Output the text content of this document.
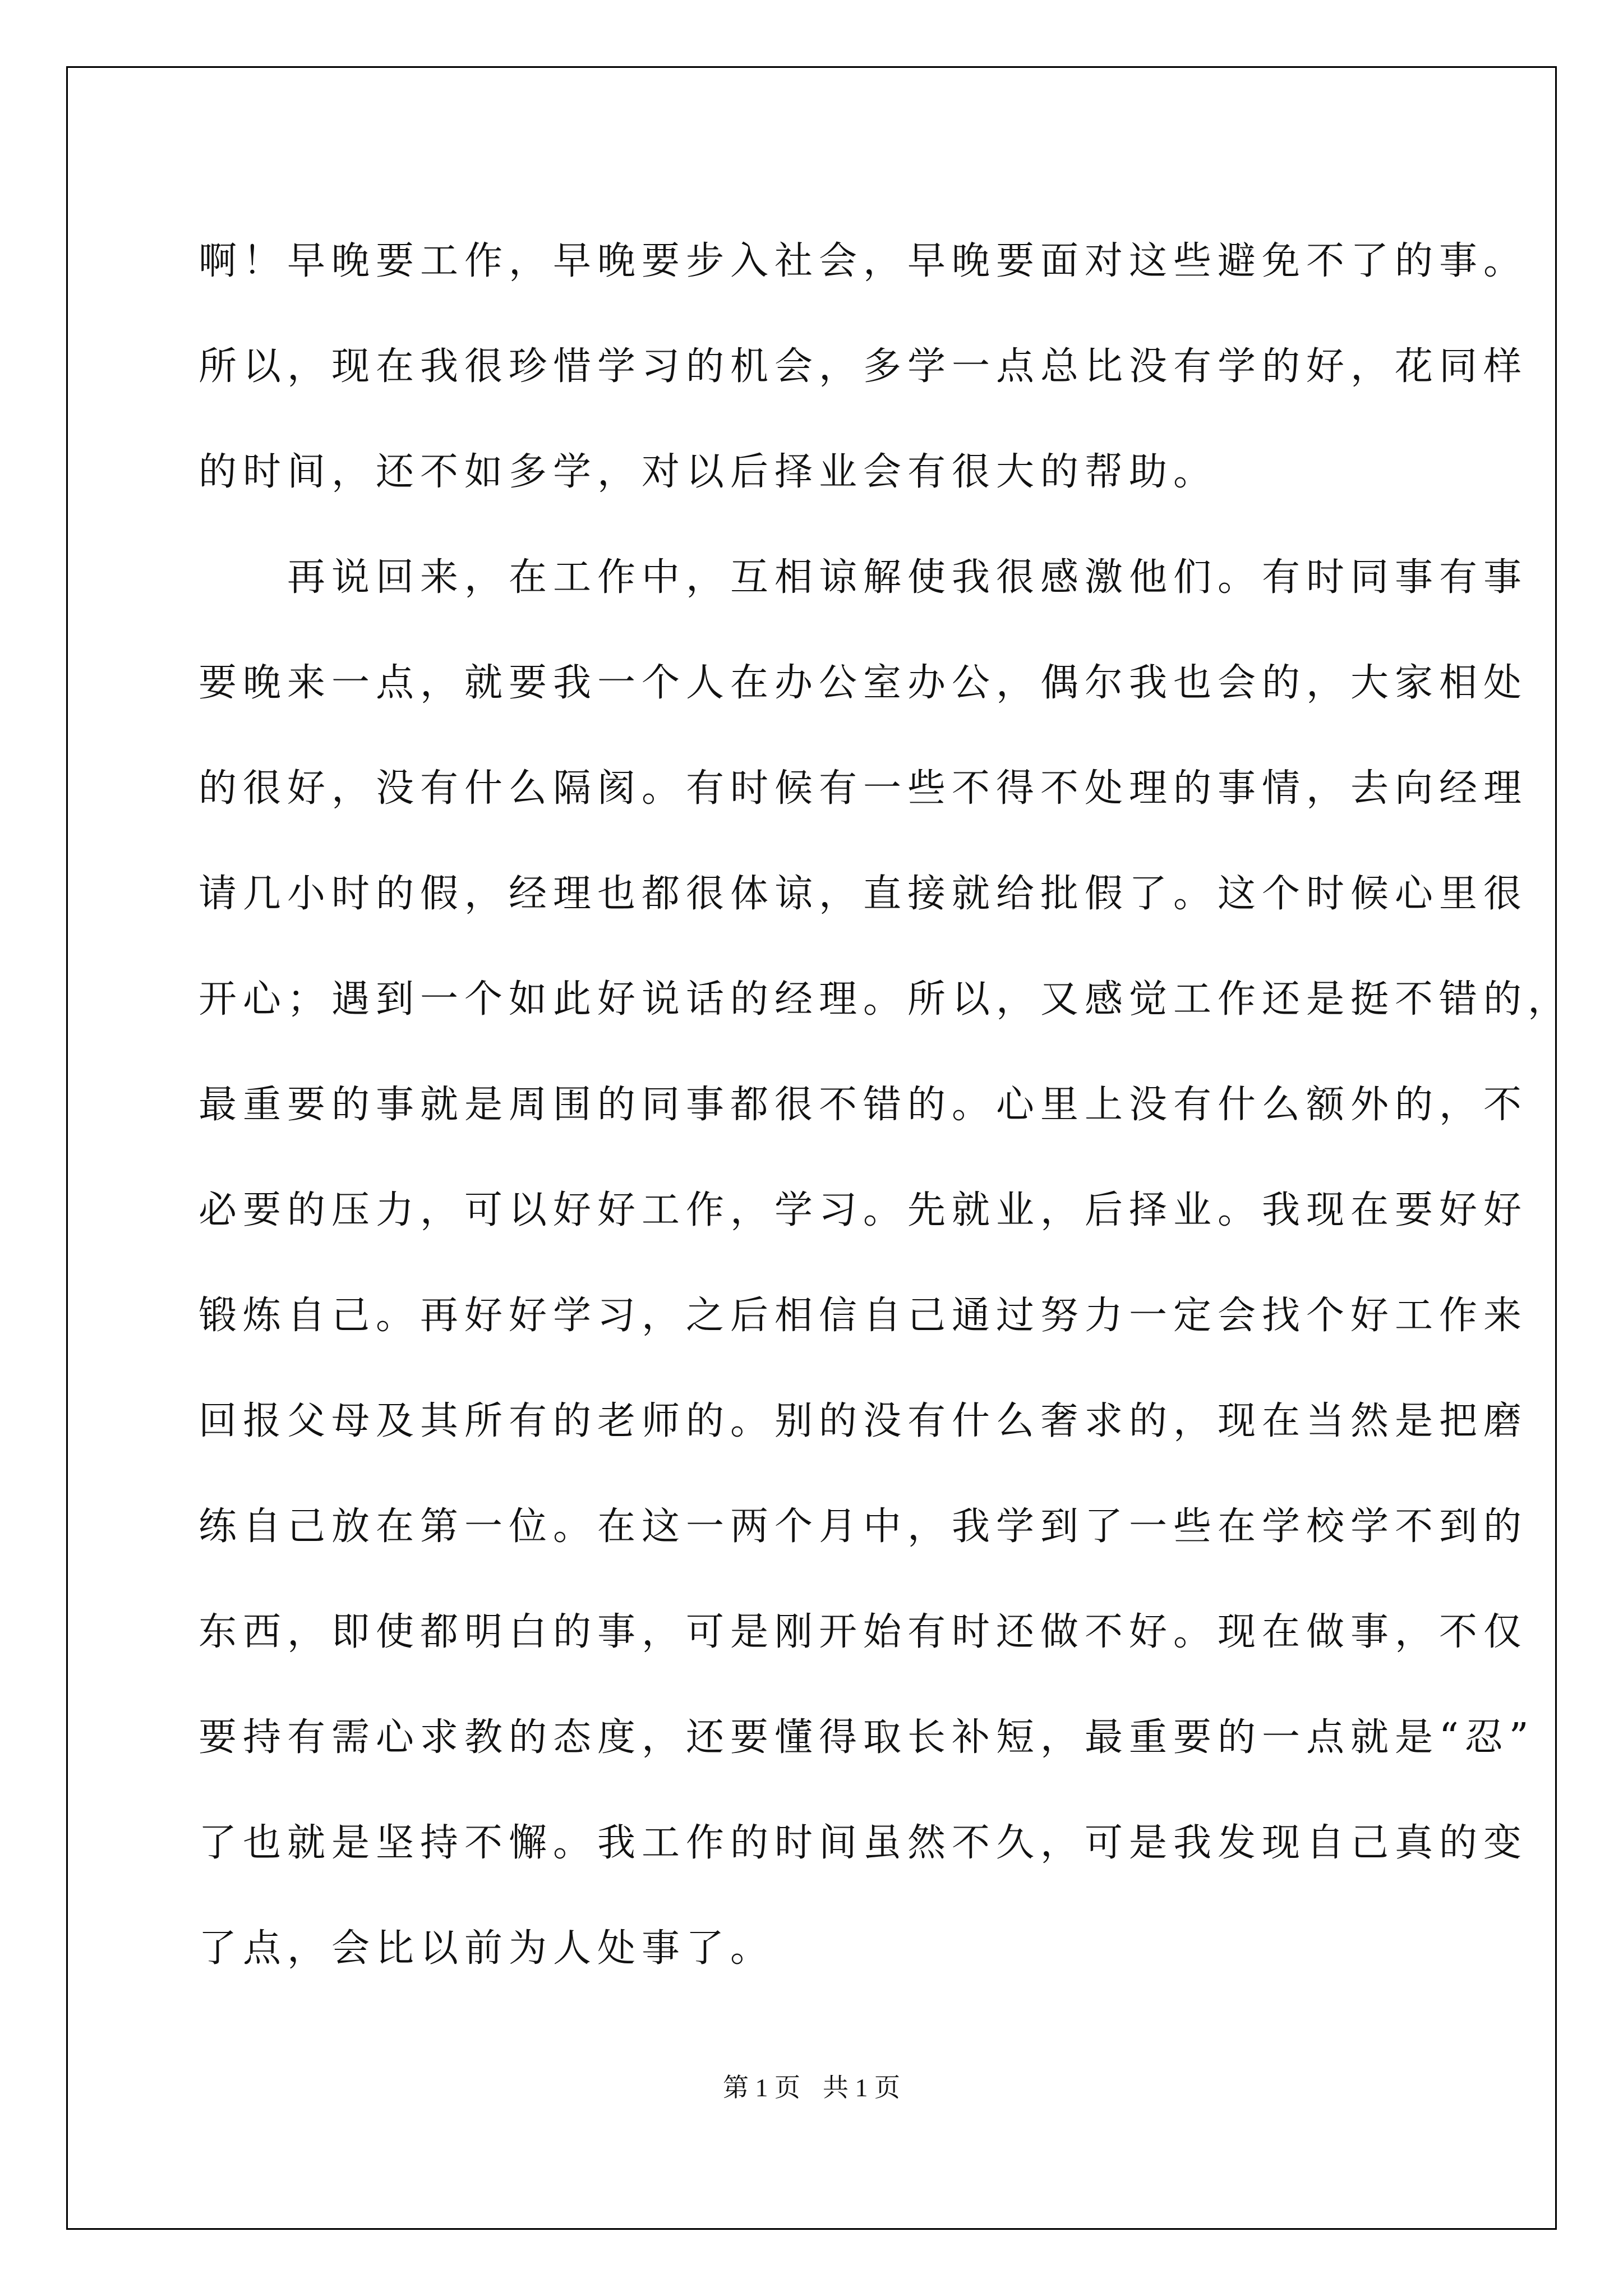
啊！早晚要工作，早晚要步入社会，早晚要面对这些避免不了的事。
所以，现在我很珍惜学习的机会，多学一点总比没有学的好，花同样
的时间，还不如多学，对以后择业会有很大的帮助。
　　再说回来，在工作中，互相谅解使我很感激他们。有时同事有事
要晚来一点，就要我一个人在办公室办公，偶尔我也会的，大家相处
的很好，没有什么隔阂。有时候有一些不得不处理的事情，去向经理
请几小时的假，经理也都很体谅，直接就给批假了。这个时候心里很
开心；遇到一个如此好说话的经理。所以，又感觉工作还是挺不错的，
最重要的事就是周围的同事都很不错的。心里上没有什么额外的，不
必要的压力，可以好好工作，学习。先就业，后择业。我现在要好好
锻炼自己。再好好学习，之后相信自己通过努力一定会找个好工作来
回报父母及其所有的老师的。别的没有什么奢求的，现在当然是把磨
练自己放在第一位。在这一两个月中，我学到了一些在学校学不到的
东西，即使都明白的事，可是刚开始有时还做不好。现在做事，不仅
要持有需心求教的态度，还要懂得取长补短，最重要的一点就是“忍”
了也就是坚持不懈。我工作的时间虽然不久，可是我发现自己真的变
了点，会比以前为人处事了。
第 1 页 共 1 页
